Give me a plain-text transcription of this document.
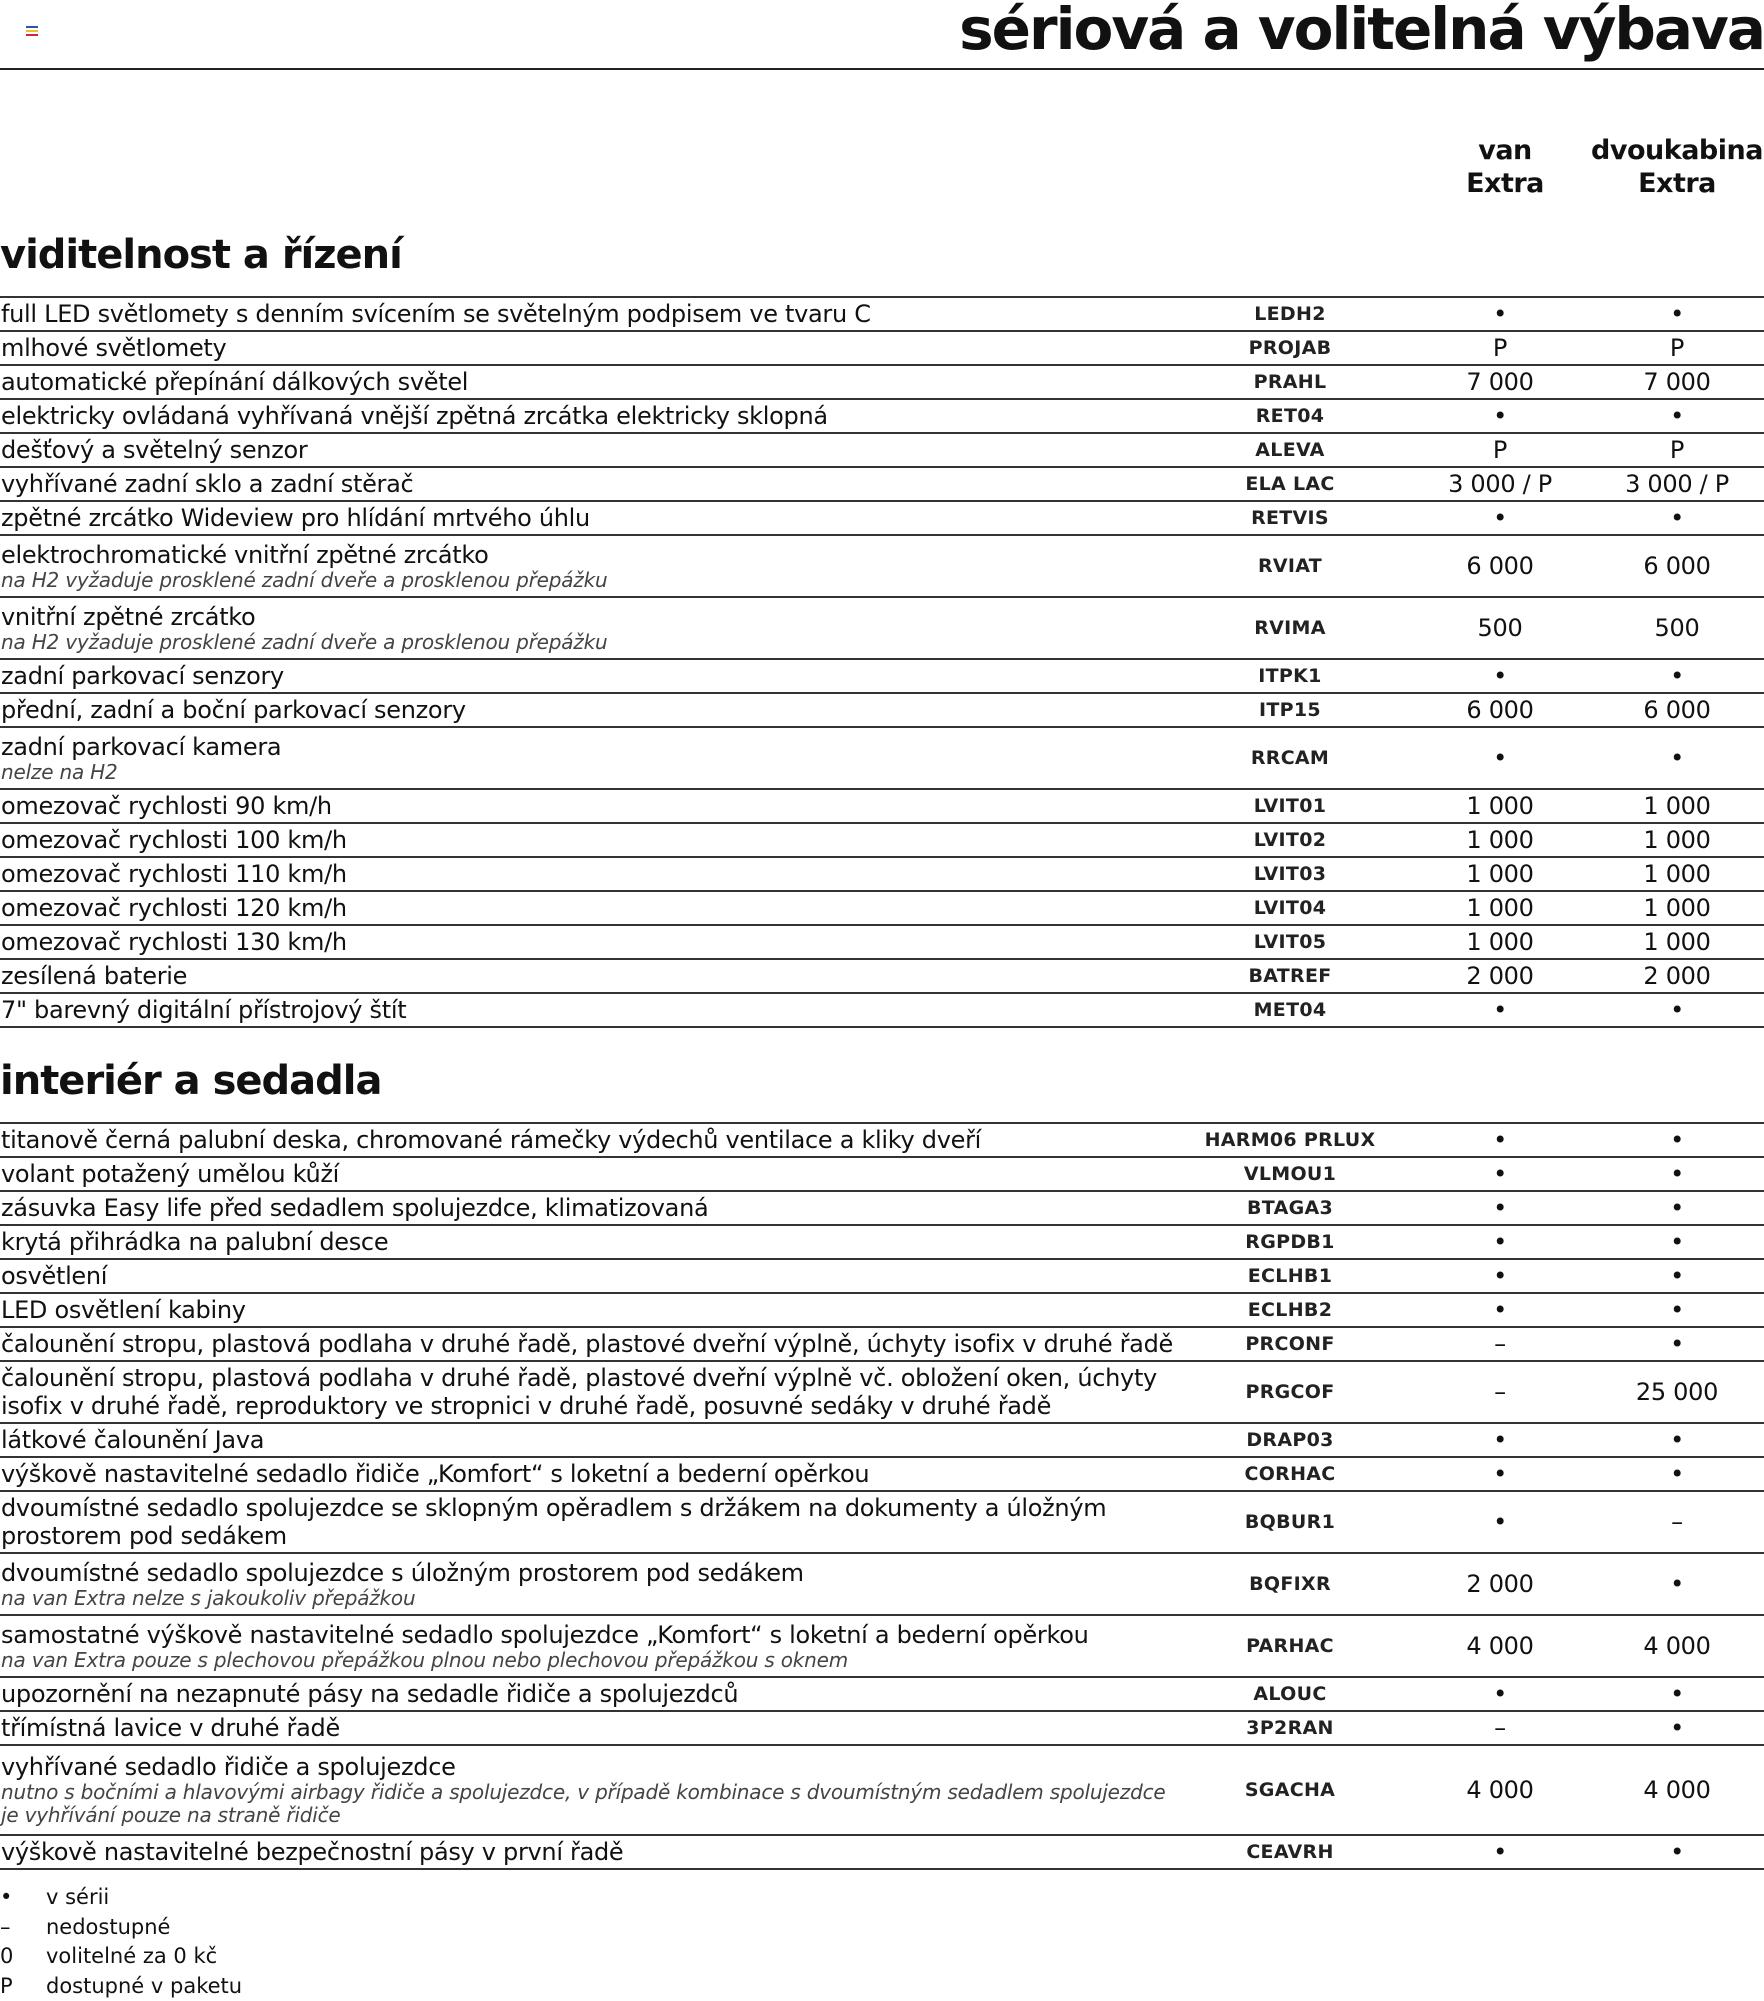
sériová a volitelná výbava
van
Extra
dvoukabina
Extra
viditelnost a řízení
full LED světlomety s denním svícením se světelným podpisem ve tvaru C	LEDH2	•	•
mlhové světlomety	PROJAB	P	P
automatické přepínání dálkových světel	PRAHL	7 000	7 000
elektricky ovládaná vyhřívaná vnější zpětná zrcátka elektricky sklopná	RET04	•	•
dešťový a světelný senzor	ALEVA	P	P
vyhřívané zadní sklo a zadní stěrač	ELA LAC	3 000 / P	3 000 / P
zpětné zrcátko Wideview pro hlídání mrtvého úhlu	RETVIS	•	•
elektrochromatické vnitřní zpětné zrcátko
na H2 vyžaduje prosklené zadní dveře a prosklenou přepážku
RVIAT	6 000	6 000
vnitřní zpětné zrcátko
na H2 vyžaduje prosklené zadní dveře a prosklenou přepážku
RVIMA	500	500
zadní parkovací senzory	ITPK1	•	•
přední, zadní a boční parkovací senzory	ITP15	6 000	6 000
zadní parkovací kamera
nelze na H2
RRCAM	•	•
omezovač rychlosti 90 km/h	LVIT01	1 000	1 000
omezovač rychlosti 100 km/h	LVIT02	1 000	1 000
omezovač rychlosti 110 km/h	LVIT03	1 000	1 000
omezovač rychlosti 120 km/h	LVIT04	1 000	1 000
omezovač rychlosti 130 km/h	LVIT05	1 000	1 000
zesílená baterie	BATREF	2 000	2 000
7" barevný digitální přístrojový štít	MET04	•	•
interiér a sedadla
titanově černá palubní deska, chromované rámečky výdechů ventilace a kliky dveří	HARM06 PRLUX	•	•
volant potažený umělou kůží	VLMOU1	•	•
zásuvka Easy life před sedadlem spolujezdce, klimatizovaná	BTAGA3	•	•
krytá přihrádka na palubní desce	RGPDB1	•	•
osvětlení	ECLHB1	•	•
LED osvětlení kabiny	ECLHB2	•	•
čalounění stropu, plastová podlaha v druhé řadě, plastové dveřní výplně, úchyty isofix v druhé řadě	PRCONF	–	•
čalounění stropu, plastová podlaha v druhé řadě, plastové dveřní výplně vč. obložení oken, úchyty isofix v druhé řadě, reproduktory ve stropnici v druhé řadě, posuvné sedáky v druhé řadě	PRGCOF	–	25 000
látkové čalounění Java	DRAP03	•	•
výškově nastavitelné sedadlo řidiče „Komfort“ s loketní a bederní opěrkou	CORHAC	•	•
dvoumístné sedadlo spolujezdce se sklopným opěradlem s držákem na dokumenty a úložným prostorem pod sedákem	BQBUR1	•	–
dvoumístné sedadlo spolujezdce s úložným prostorem pod sedákem
na van Extra nelze s jakoukoliv přepážkou
BQFIXR	2 000	•
samostatné výškově nastavitelné sedadlo spolujezdce „Komfort“ s loketní a bederní opěrkou
na van Extra pouze s plechovou přepážkou plnou nebo plechovou přepážkou s oknem
PARHAC	4 000	4 000
upozornění na nezapnuté pásy na sedadle řidiče a spolujezdců	ALOUC	•	•
třímístná lavice v druhé řadě	3P2RAN	–	•
vyhřívané sedadlo řidiče a spolujezdce
nutno s bočními a hlavovými airbagy řidiče a spolujezdce, v případě kombinace s dvoumístným sedadlem spolujezdce je vyhřívání pouze na straně řidiče
SGACHA	4 000	4 000
výškově nastavitelné bezpečnostní pásy v první řadě	CEAVRH	•	•
•	v sérii
–	nedostupné
0	volitelné za 0 kč
P	dostupné v paketu
